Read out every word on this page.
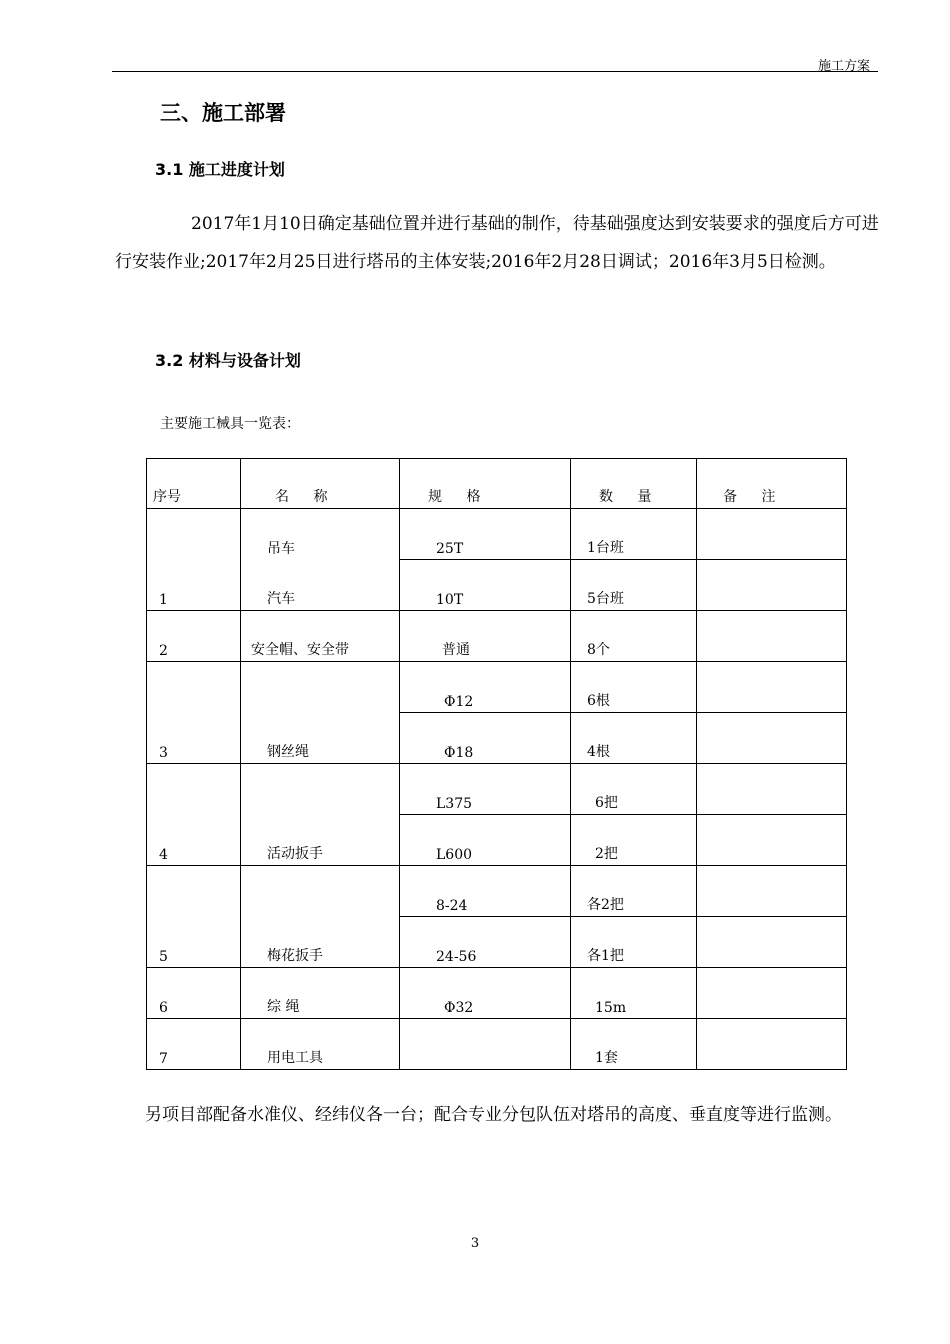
施工方案
三、施工部署
3.1 施工进度计划
2017年1月10日确定基础位置并进行基础的制作，待基础强度达到安装要求的强度后方可进行安装作业;2017年2月25日进行塔吊的主体安装;2016年2月28日调试；2016年3月5日检测。
3.2 材料与设备计划
主要施工械具一览表：
序号	名 称	规 格	数 量	备 注

1	吊车	25T	1台班	

	汽车	10T	5台班	

2	安全帽、安全带	普通	8个	

3	钢丝绳	Φ12	6根	

		Φ18	4根	

4	活动扳手	L375	6把	

		L600	2把	

5	梅花扳手	8-24	各2把	

		24-56	各1把	

6	综 绳	Φ32	15m	

7	用电工具		1套	

另项目部配备水准仪、经纬仪各一台；配合专业分包队伍对塔吊的高度、垂直度等进行监测。
3
